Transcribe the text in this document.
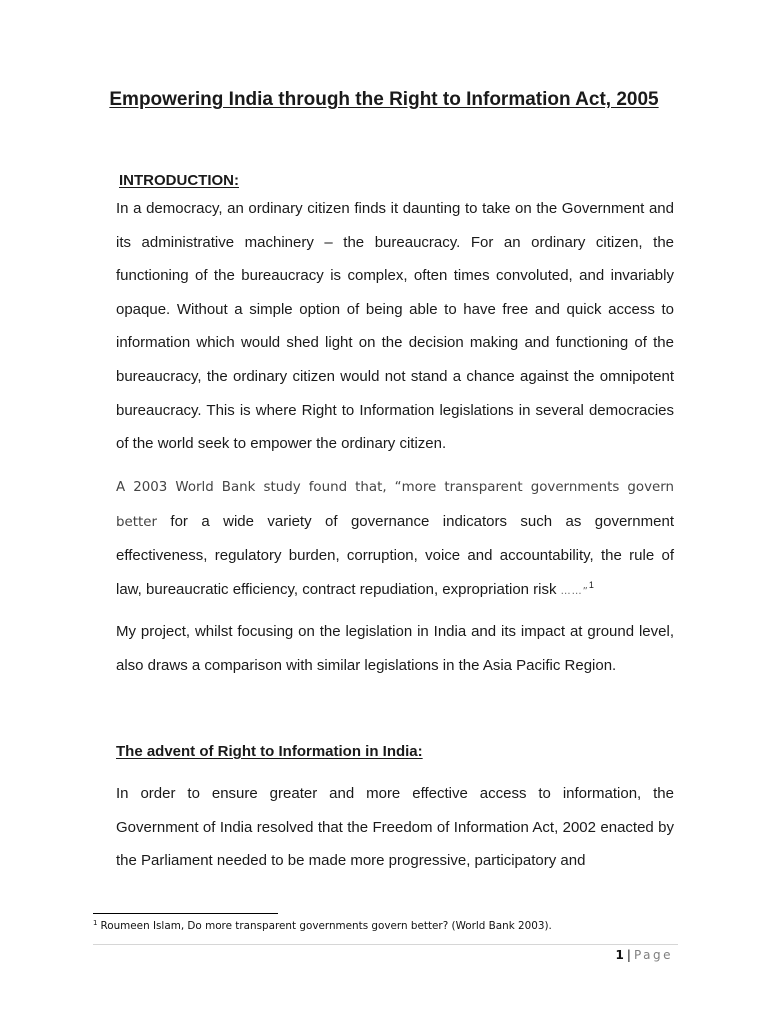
Empowering India through the Right to Information Act, 2005

INTRODUCTION:

In a democracy, an ordinary citizen finds it daunting to take on the Government and its administrative machinery – the bureaucracy. For an ordinary citizen, the functioning of the bureaucracy is complex, often times convoluted, and invariably opaque. Without a simple option of being able to have free and quick access to information which would shed light on the decision making and functioning of the bureaucracy, the ordinary citizen would not stand a chance against the omnipotent bureaucracy. This is where Right to Information legislations in several democracies of the world seek to empower the ordinary citizen.

A 2003 World Bank study found that, “more transparent governments govern better for a wide variety of governance indicators such as government effectiveness, regulatory burden, corruption, voice and accountability, the rule of law, bureaucratic efficiency, contract repudiation, expropriation risk ……”$^1$

My project, whilst focusing on the legislation in India and its impact at ground level, also draws a comparison with similar legislations in the Asia Pacific Region.

The advent of Right to Information in India:

In order to ensure greater and more effective access to information, the Government of India resolved that the Freedom of Information Act, 2002 enacted by the Parliament needed to be made more progressive, participatory and

$^1$ Roumeen Islam, Do more transparent governments govern better? (World Bank 2003).

1 | Page
